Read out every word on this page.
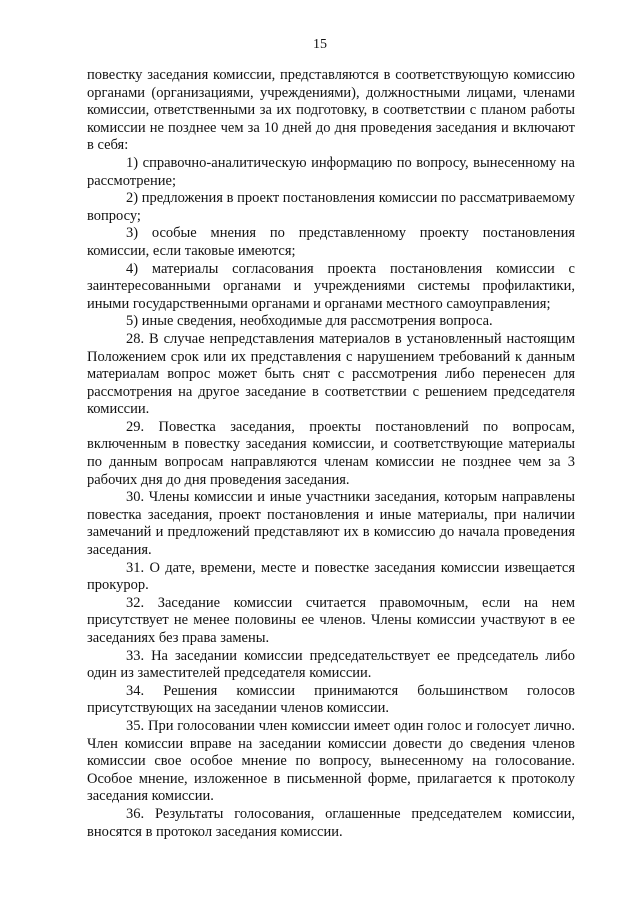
15

повестку заседания комиссии, представляются в соответствующую комиссию органами (организациями, учреждениями), должностными лицами, членами комиссии, ответственными за их подготовку, в соответствии с планом работы комиссии не позднее чем за 10 дней до дня проведения заседания и включают в себя:

1) справочно-аналитическую информацию по вопросу, вынесенному на рассмотрение;

2) предложения в проект постановления комиссии по рассматриваемому вопросу;

3) особые мнения по представленному проекту постановления комиссии, если таковые имеются;

4) материалы согласования проекта постановления комиссии с заинтересованными органами и учреждениями системы профилактики, иными государственными органами и органами местного самоуправления;

5) иные сведения, необходимые для рассмотрения вопроса.

28. В случае непредставления материалов в установленный настоящим Положением срок или их представления с нарушением требований к данным материалам вопрос может быть снят с рассмотрения либо перенесен для рассмотрения на другое заседание в соответствии с решением председателя комиссии.

29. Повестка заседания, проекты постановлений по вопросам, включенным в повестку заседания комиссии, и соответствующие материалы по данным вопросам направляются членам комиссии не позднее чем за 3 рабочих дня до дня проведения заседания.

30. Члены комиссии и иные участники заседания, которым направлены повестка заседания, проект постановления и иные материалы, при наличии замечаний и предложений представляют их в комиссию до начала проведения заседания.

31. О дате, времени, месте и повестке заседания комиссии извещается прокурор.

32. Заседание комиссии считается правомочным, если на нем присутствует не менее половины ее членов. Члены комиссии участвуют в ее заседаниях без права замены.

33. На заседании комиссии председательствует ее председатель либо один из заместителей председателя комиссии.

34. Решения комиссии принимаются большинством голосов присутствующих на заседании членов комиссии.

35. При голосовании член комиссии имеет один голос и голосует лично. Член комиссии вправе на заседании комиссии довести до сведения членов комиссии свое особое мнение по вопросу, вынесенному на голосование. Особое мнение, изложенное в письменной форме, прилагается к протоколу заседания комиссии.

36. Результаты голосования, оглашенные председателем комиссии, вносятся в протокол заседания комиссии.
